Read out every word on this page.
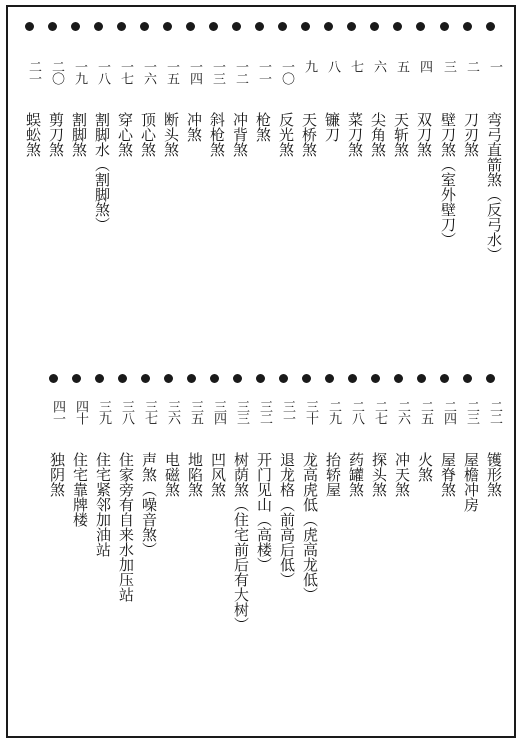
一
弯弓直箭煞（反弓水）
二
刀刃煞
三
壁刀煞（室外壁刀）
四
双刀煞
五
天斩煞
六
尖角煞
七
菜刀煞
八
镰刀
九
天桥煞
一〇
反光煞
一一
枪煞
一二
冲背煞
一三
斜枪煞
一四
冲煞
一五
断头煞
一六
顶心煞
一七
穿心煞
一八
割脚水（割脚煞）
一九
割脚煞
二〇
剪刀煞
二一
蜈蚣煞
二二
镬形煞
二三
屋檐冲房
二四
屋脊煞
二五
火煞
二六
冲天煞
二七
探头煞
二八
药罐煞
二九
抬轿屋
三十
龙高虎低（虎高龙低）
三一
退龙格（前高后低）
三二
开门见山（高楼）
三三
树荫煞（住宅前后有大树）
三四
凹风煞
三五
地陷煞
三六
电磁煞
三七
声煞（噪音煞）
三八
住家旁有自来水加压站
三九
住宅紧邻加油站
四十
住宅靠牌楼
四一
独阴煞
